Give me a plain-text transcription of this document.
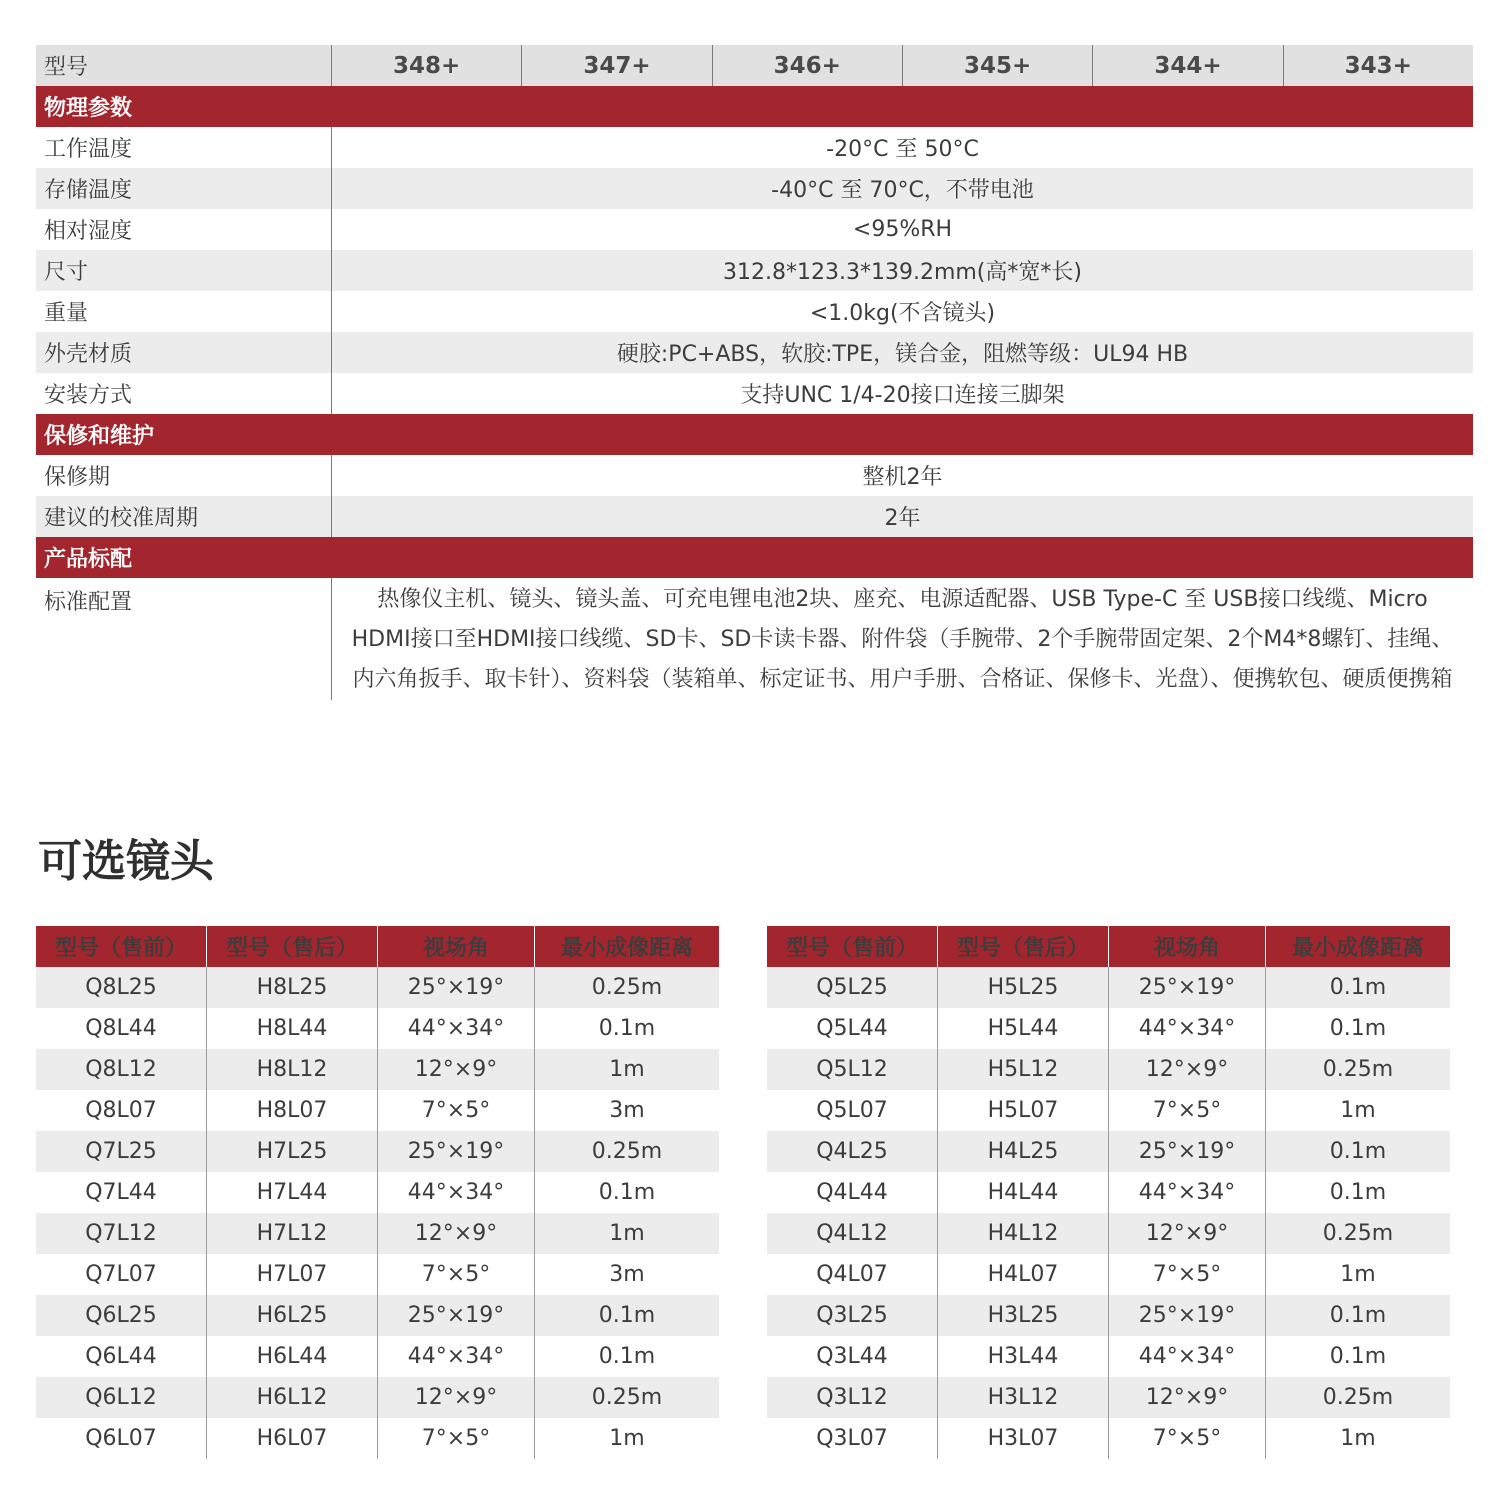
型号	348+	347+	346+	345+	344+	343+
物理参数
工作温度	-20°C 至 50°C
存储温度	-40°C 至 70°C，不带电池
相对湿度	<95%RH
尺寸	312.8*123.3*139.2mm(高*宽*长)
重量	<1.0kg(不含镜头)
外壳材质	硬胶:PC+ABS，软胶:TPE，镁合金，阻燃等级：UL94 HB
安装方式	支持UNC 1/4-20接口连接三脚架
保修和维护
保修期	整机2年
建议的校准周期	2年
产品标配
标准配置	热像仪主机、镜头、镜头盖、可充电锂电池2块、座充、电源适配器、USB Type-C 至 USB接口线缆、Micro
HDMI接口至HDMI接口线缆、SD卡、SD卡读卡器、附件袋（手腕带、2个手腕带固定架、2个M4*8螺钉、挂绳、
内六角扳手、取卡针）、资料袋（装箱单、标定证书、用户手册、合格证、保修卡、光盘）、便携软包、硬质便携箱
可选镜头
型号（售前）	型号（售后）	视场角	最小成像距离
Q8L25	H8L25	25°×19°	0.25m
Q8L44	H8L44	44°×34°	0.1m
Q8L12	H8L12	12°×9°	1m
Q8L07	H8L07	7°×5°	3m
Q7L25	H7L25	25°×19°	0.25m
Q7L44	H7L44	44°×34°	0.1m
Q7L12	H7L12	12°×9°	1m
Q7L07	H7L07	7°×5°	3m
Q6L25	H6L25	25°×19°	0.1m
Q6L44	H6L44	44°×34°	0.1m
Q6L12	H6L12	12°×9°	0.25m
Q6L07	H6L07	7°×5°	1m
型号（售前）	型号（售后）	视场角	最小成像距离
Q5L25	H5L25	25°×19°	0.1m
Q5L44	H5L44	44°×34°	0.1m
Q5L12	H5L12	12°×9°	0.25m
Q5L07	H5L07	7°×5°	1m
Q4L25	H4L25	25°×19°	0.1m
Q4L44	H4L44	44°×34°	0.1m
Q4L12	H4L12	12°×9°	0.25m
Q4L07	H4L07	7°×5°	1m
Q3L25	H3L25	25°×19°	0.1m
Q3L44	H3L44	44°×34°	0.1m
Q3L12	H3L12	12°×9°	0.25m
Q3L07	H3L07	7°×5°	1m
